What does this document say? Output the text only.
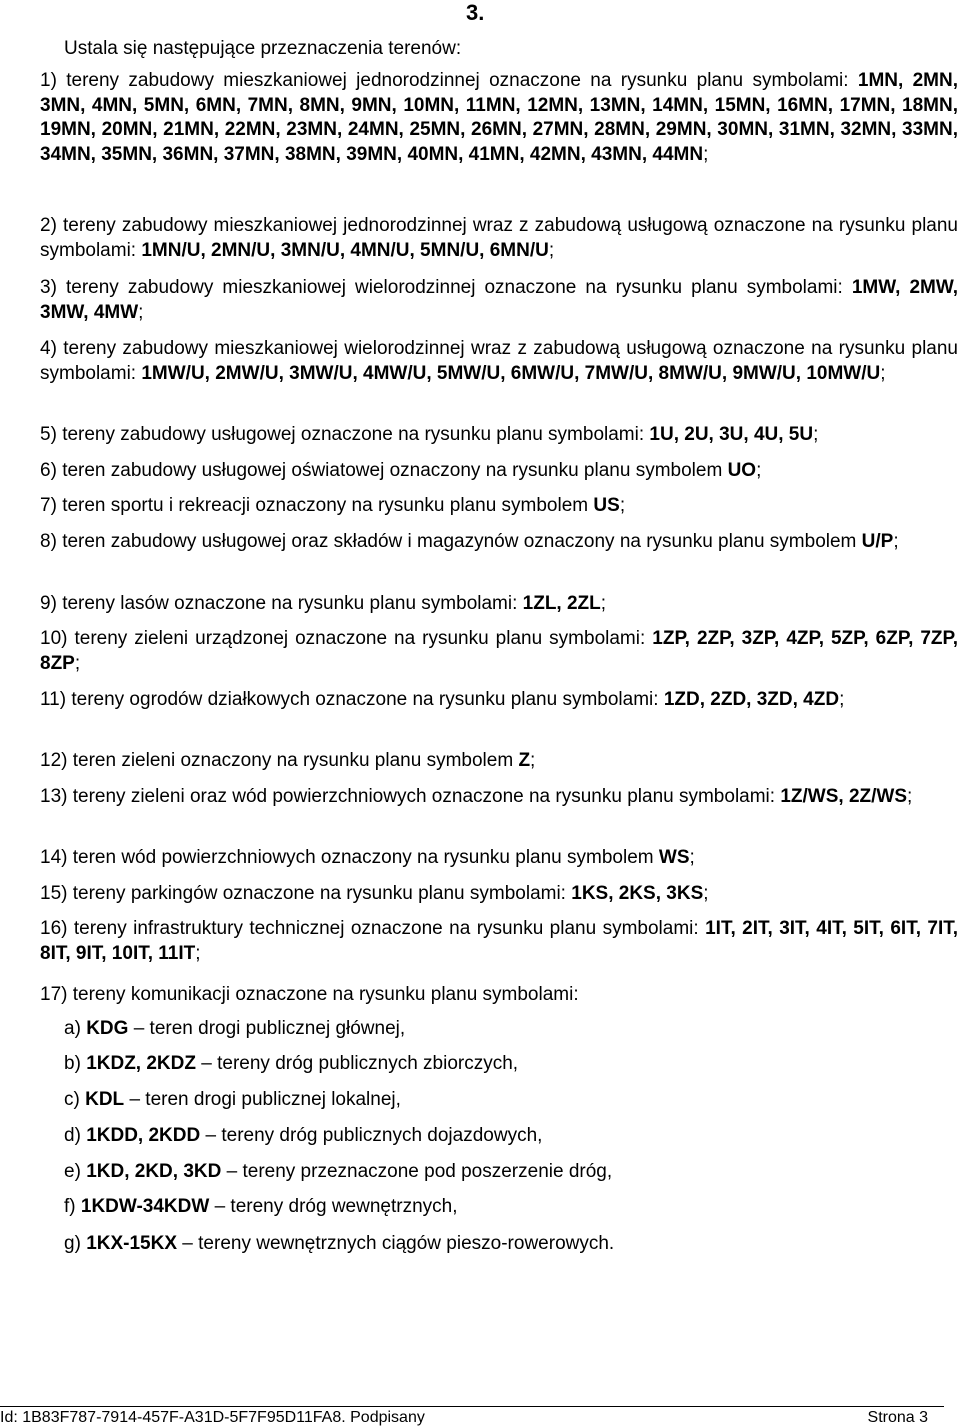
3.
Ustala się następujące przeznaczenia terenów:
1) tereny zabudowy mieszkaniowej jednorodzinnej oznaczone na rysunku planu symbolami: 1MN, 2MN, 3MN, 4MN, 5MN, 6MN, 7MN, 8MN, 9MN, 10MN, 11MN, 12MN, 13MN, 14MN, 15MN, 16MN, 17MN, 18MN, 19MN, 20MN, 21MN, 22MN, 23MN, 24MN, 25MN, 26MN, 27MN, 28MN, 29MN, 30MN, 31MN, 32MN, 33MN, 34MN, 35MN, 36MN, 37MN, 38MN, 39MN, 40MN, 41MN, 42MN, 43MN, 44MN;
2) tereny zabudowy mieszkaniowej jednorodzinnej wraz z zabudową usługową oznaczone na rysunku planu symbolami: 1MN/U, 2MN/U, 3MN/U, 4MN/U, 5MN/U, 6MN/U;
3) tereny zabudowy mieszkaniowej wielorodzinnej oznaczone na rysunku planu symbolami: 1MW, 2MW, 3MW, 4MW;
4) tereny zabudowy mieszkaniowej wielorodzinnej wraz z zabudową usługową oznaczone na rysunku planu symbolami: 1MW/U, 2MW/U, 3MW/U, 4MW/U, 5MW/U, 6MW/U, 7MW/U, 8MW/U, 9MW/U, 10MW/U;
5) tereny zabudowy usługowej oznaczone na rysunku planu symbolami: 1U, 2U, 3U, 4U, 5U;
6) teren zabudowy usługowej oświatowej oznaczony na rysunku planu symbolem UO;
7) teren sportu i rekreacji oznaczony na rysunku planu symbolem US;
8) teren zabudowy usługowej oraz składów i magazynów oznaczony na rysunku planu symbolem U/P;
9) tereny lasów oznaczone na rysunku planu symbolami: 1ZL, 2ZL;
10) tereny zieleni urządzonej oznaczone na rysunku planu symbolami: 1ZP, 2ZP, 3ZP, 4ZP, 5ZP, 6ZP, 7ZP, 8ZP;
11) tereny ogrodów działkowych oznaczone na rysunku planu symbolami: 1ZD, 2ZD, 3ZD, 4ZD;
12) teren zieleni oznaczony na rysunku planu symbolem Z;
13) tereny zieleni oraz wód powierzchniowych oznaczone na rysunku planu symbolami: 1Z/WS, 2Z/WS;
14) teren wód powierzchniowych oznaczony na rysunku planu symbolem WS;
15) tereny parkingów oznaczone na rysunku planu symbolami: 1KS, 2KS, 3KS;
16) tereny infrastruktury technicznej oznaczone na rysunku planu symbolami: 1IT, 2IT, 3IT, 4IT, 5IT, 6IT, 7IT, 8IT, 9IT, 10IT, 11IT;
17) tereny komunikacji oznaczone na rysunku planu symbolami:
a) KDG – teren drogi publicznej głównej,
b) 1KDZ, 2KDZ – tereny dróg publicznych zbiorczych,
c) KDL – teren drogi publicznej lokalnej,
d) 1KDD, 2KDD – tereny dróg publicznych dojazdowych,
e) 1KD, 2KD, 3KD – tereny przeznaczone pod poszerzenie dróg,
f) 1KDW-34KDW – tereny dróg wewnętrznych,
g) 1KX-15KX – tereny wewnętrznych ciągów pieszo-rowerowych.
Id: 1B83F787-7914-457F-A31D-5F7F95D11FA8. Podpisany	Strona 3
